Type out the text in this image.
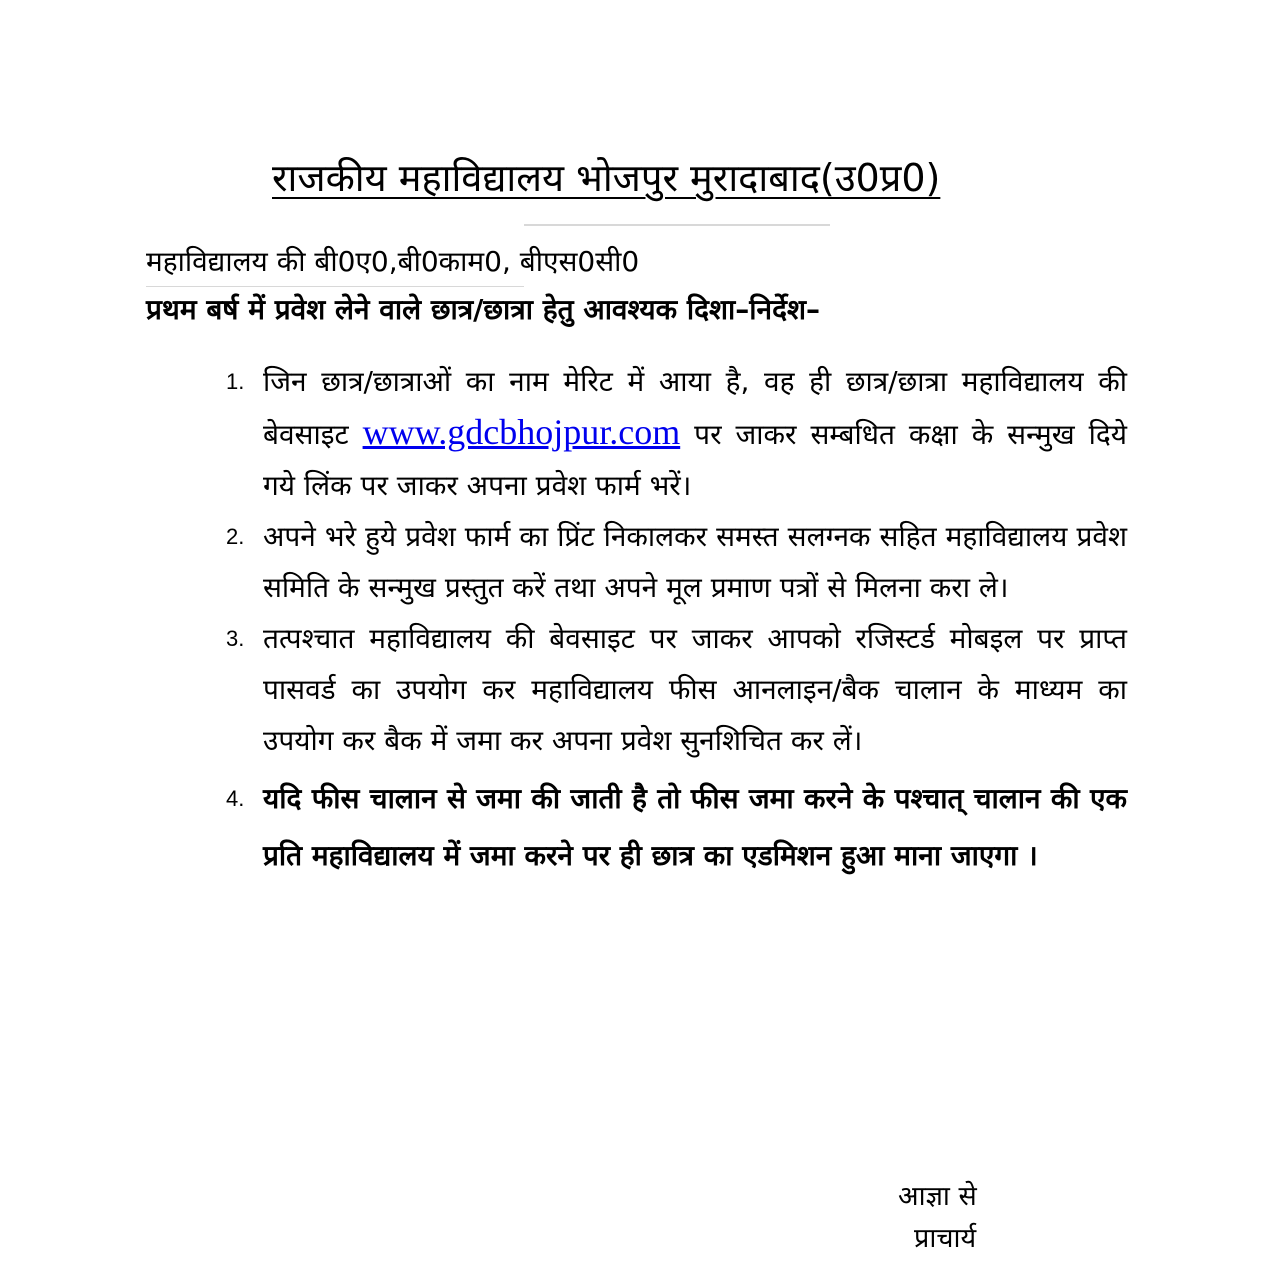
राजकीय महाविद्यालय भोजपुर मुरादाबाद(उ0प्र0)
महाविद्यालय की बी0ए0,बी0काम0, बीएस0सी0
प्रथम बर्ष में प्रवेश लेने वाले छात्र/छात्रा हेतु आवश्यक दिशा–निर्देश–
1. जिन छात्र/छात्राओं का नाम मेरिट में आया है, वह ही छात्र/छात्रा महाविद्यालय की बेवसाइट www.gdcbhojpur.com पर जाकर सम्बधित कक्षा के सन्मुख दिये गये लिंक पर जाकर अपना प्रवेश फार्म भरें।
2. अपने भरे हुये प्रवेश फार्म का प्रिंट निकालकर समस्त सलग्नक सहित महाविद्यालय प्रवेश समिति के सन्मुख प्रस्तुत करें तथा अपने मूल प्रमाण पत्रों से मिलना करा ले।
3. तत्पश्चात महाविद्यालय की बेवसाइट पर जाकर आपको रजिस्टर्ड मोबइल पर प्राप्त पासवर्ड का उपयोग कर महाविद्यालय फीस आनलाइन/बैक चालान के माध्यम का उपयोग कर बैक में जमा कर अपना प्रवेश सुनशिचित कर लें।
4. यदि फीस चालान से जमा की जाती है तो फीस जमा करने के पश्चात् चालान की एक प्रति महाविद्यालय में जमा करने पर ही छात्र का एडमिशन हुआ माना जाएगा ।
आज्ञा से
प्राचार्य
